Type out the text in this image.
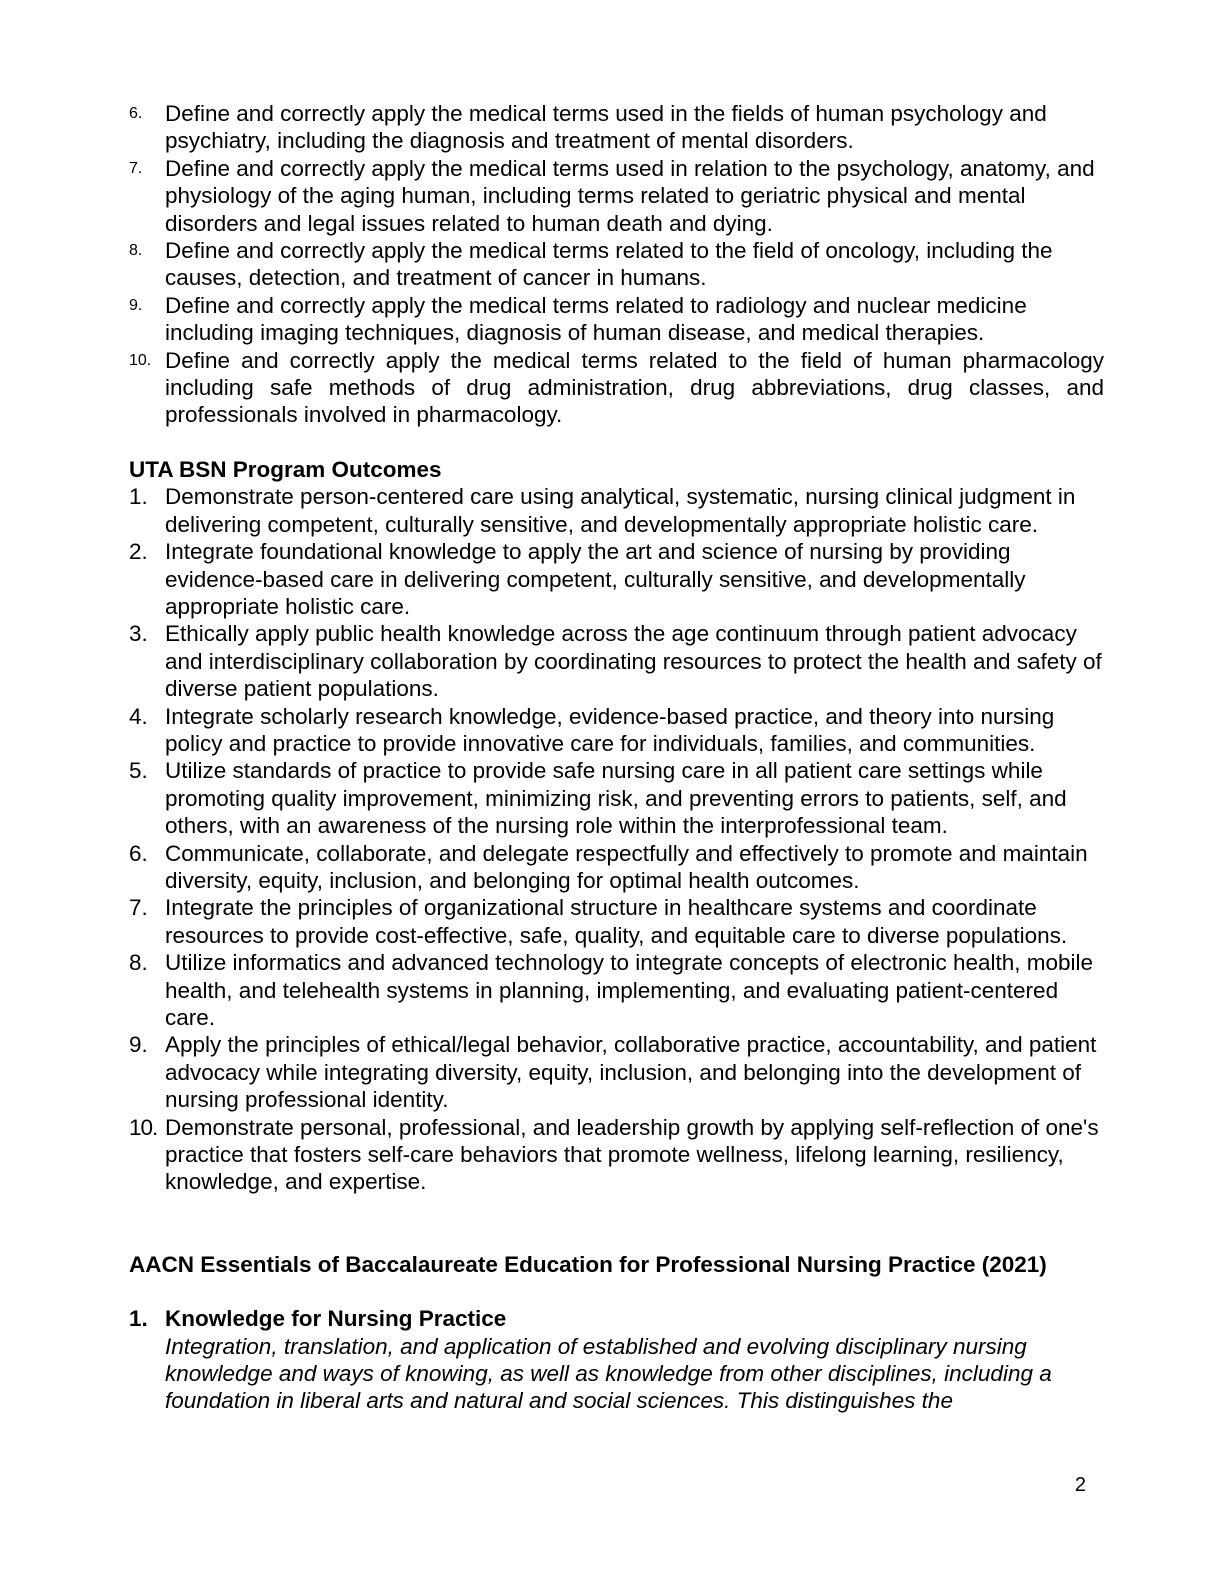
6. Define and correctly apply the medical terms used in the fields of human psychology and psychiatry, including the diagnosis and treatment of mental disorders.
7. Define and correctly apply the medical terms used in relation to the psychology, anatomy, and physiology of the aging human, including terms related to geriatric physical and mental disorders and legal issues related to human death and dying.
8. Define and correctly apply the medical terms related to the field of oncology, including the causes, detection, and treatment of cancer in humans.
9. Define and correctly apply the medical terms related to radiology and nuclear medicine including imaging techniques, diagnosis of human disease, and medical therapies.
10. Define and correctly apply the medical terms related to the field of human pharmacology including safe methods of drug administration, drug abbreviations, drug classes, and professionals involved in pharmacology.
UTA BSN Program Outcomes
1. Demonstrate person-centered care using analytical, systematic, nursing clinical judgment in delivering competent, culturally sensitive, and developmentally appropriate holistic care.
2. Integrate foundational knowledge to apply the art and science of nursing by providing evidence-based care in delivering competent, culturally sensitive, and developmentally appropriate holistic care.
3. Ethically apply public health knowledge across the age continuum through patient advocacy and interdisciplinary collaboration by coordinating resources to protect the health and safety of diverse patient populations.
4. Integrate scholarly research knowledge, evidence-based practice, and theory into nursing policy and practice to provide innovative care for individuals, families, and communities.
5. Utilize standards of practice to provide safe nursing care in all patient care settings while promoting quality improvement, minimizing risk, and preventing errors to patients, self, and others, with an awareness of the nursing role within the interprofessional team.
6. Communicate, collaborate, and delegate respectfully and effectively to promote and maintain diversity, equity, inclusion, and belonging for optimal health outcomes.
7. Integrate the principles of organizational structure in healthcare systems and coordinate resources to provide cost-effective, safe, quality, and equitable care to diverse populations.
8. Utilize informatics and advanced technology to integrate concepts of electronic health, mobile health, and telehealth systems in planning, implementing, and evaluating patient-centered care.
9. Apply the principles of ethical/legal behavior, collaborative practice, accountability, and patient advocacy while integrating diversity, equity, inclusion, and belonging into the development of nursing professional identity.
10. Demonstrate personal, professional, and leadership growth by applying self-reflection of one's practice that fosters self-care behaviors that promote wellness, lifelong learning, resiliency, knowledge, and expertise.
AACN Essentials of Baccalaureate Education for Professional Nursing Practice (2021)
1. Knowledge for Nursing Practice
Integration, translation, and application of established and evolving disciplinary nursing knowledge and ways of knowing, as well as knowledge from other disciplines, including a foundation in liberal arts and natural and social sciences. This distinguishes the
2
